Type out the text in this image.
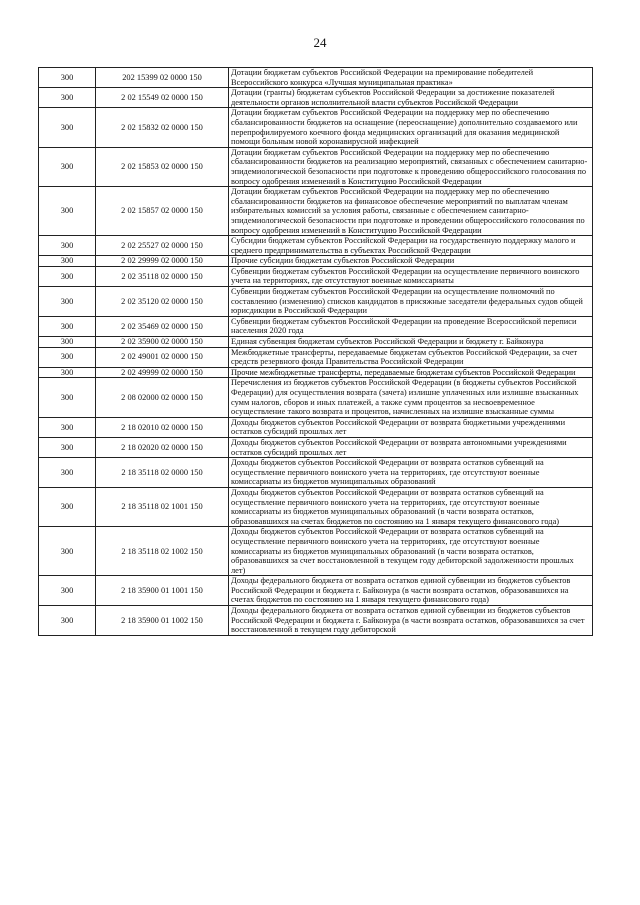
24
300	202 15399 02 0000 150	Дотации бюджетам субъектов Российской Федерации на премирование победителей Всероссийского конкурса «Лучшая муниципальная практика»
300	2 02 15549 02 0000 150	Дотации (гранты) бюджетам субъектов Российской Федерации за достижение показателей деятельности органов исполнительной власти субъектов Российской Федерации
300	2 02 15832 02 0000 150	Дотации бюджетам субъектов Российской Федерации на поддержку мер по обеспечению сбалансированности бюджетов на оснащение (переоснащение) дополнительно создаваемого или перепрофилируемого коечного фонда медицинских организаций для оказания медицинской помощи больным новой коронавирусной инфекцией
300	2 02 15853 02 0000 150	Дотации бюджетам субъектов Российской Федерации на поддержку мер по обеспечению сбалансированности бюджетов на реализацию мероприятий, связанных с обеспечением санитарно-эпидемиологической безопасности при подготовке к проведению общероссийского голосования по вопросу одобрения изменений в Конституцию Российской Федерации
300	2 02 15857 02 0000 150	Дотации бюджетам субъектов Российской Федерации на поддержку мер по обеспечению сбалансированности бюджетов на финансовое обеспечение мероприятий по выплатам членам избирательных комиссий за условия работы, связанные с обеспечением санитарно-эпидемиологической безопасности при подготовке и проведении общероссийского голосования по вопросу одобрения изменений в Конституцию Российской Федерации
300	2 02 25527 02 0000 150	Субсидии бюджетам субъектов Российской Федерации на государственную поддержку малого и среднего предпринимательства в субъектах Российской Федерации
300	2 02 29999 02 0000 150	Прочие субсидии бюджетам субъектов Российской Федерации
300	2 02 35118 02 0000 150	Субвенции бюджетам субъектов Российской Федерации на осуществление первичного воинского учета на территориях, где отсутствуют военные комиссариаты
300	2 02 35120 02 0000 150	Субвенции бюджетам субъектов Российской Федерации на осуществление полномочий по составлению (изменению) списков кандидатов в присяжные заседатели федеральных судов общей юрисдикции в Российской Федерации
300	2 02 35469 02 0000 150	Субвенции бюджетам субъектов Российской Федерации на проведение Всероссийской переписи населения 2020 года
300	2 02 35900 02 0000 150	Единая субвенция бюджетам субъектов Российской Федерации и бюджету г. Байконура
300	2 02 49001 02 0000 150	Межбюджетные трансферты, передаваемые бюджетам субъектов Российской Федерации, за счет средств резервного фонда Правительства Российской Федерации
300	2 02 49999 02 0000 150	Прочие межбюджетные трансферты, передаваемые бюджетам субъектов Российской Федерации
300	2 08 02000 02 0000 150	Перечисления из бюджетов субъектов Российской Федерации (в бюджеты субъектов Российской Федерации) для осуществления возврата (зачета) излишне уплаченных или излишне взысканных сумм налогов, сборов и иных платежей, а также сумм процентов за несвоевременное осуществление такого возврата и процентов, начисленных на излишне взысканные суммы
300	2 18 02010 02 0000 150	Доходы бюджетов субъектов Российской Федерации от возврата бюджетными учреждениями остатков субсидий прошлых лет
300	2 18 02020 02 0000 150	Доходы бюджетов субъектов Российской Федерации от возврата автономными учреждениями остатков субсидий прошлых лет
300	2 18 35118 02 0000 150	Доходы бюджетов субъектов Российской Федерации от возврата остатков субвенций на осуществление первичного воинского учета на территориях, где отсутствуют военные комиссариаты из бюджетов муниципальных образований
300	2 18 35118 02 1001 150	Доходы бюджетов субъектов Российской Федерации от возврата остатков субвенций на осуществление первичного воинского учета на территориях, где отсутствуют военные комиссариаты из бюджетов муниципальных образований (в части возврата остатков, образовавшихся на счетах бюджетов по состоянию на 1 января текущего финансового года)
300	2 18 35118 02 1002 150	Доходы бюджетов субъектов Российской Федерации от возврата остатков субвенций на осуществление первичного воинского учета на территориях, где отсутствуют военные комиссариаты из бюджетов муниципальных образований (в части возврата остатков, образовавшихся за счет восстановленной в текущем году дебиторской задолженности прошлых лет)
300	2 18 35900 01 1001 150	Доходы федерального бюджета от возврата остатков единой субвенции из бюджетов субъектов Российской Федерации и бюджета г. Байконура (в части возврата остатков, образовавшихся на счетах бюджетов по состоянию на 1 января текущего финансового года)
300	2 18 35900 01 1002 150	Доходы федерального бюджета от возврата остатков единой субвенции из бюджетов субъектов Российской Федерации и бюджета г. Байконура (в части возврата остатков, образовавшихся за счет восстановленной в текущем году дебиторской
